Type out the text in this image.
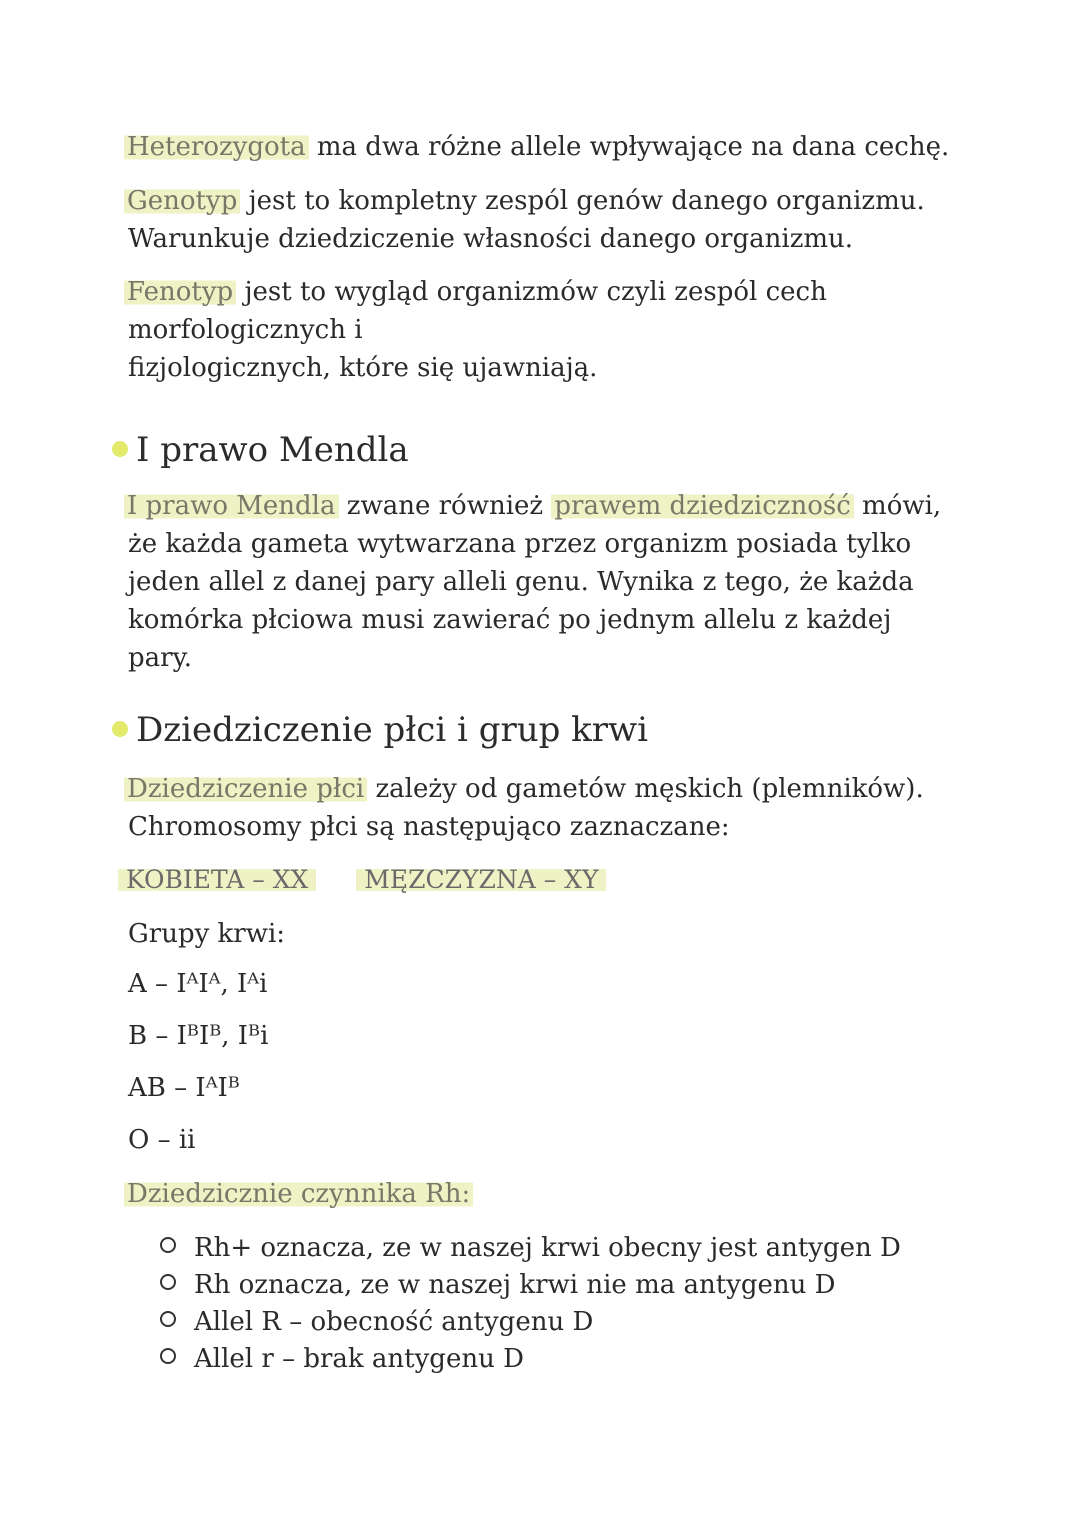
Heterozygota ma dwa różne allele wpływające na dana cechę.

Genotyp jest to kompletny zespól genów danego organizmu.
Warunkuje dziedziczenie własności danego organizmu.

Fenotyp jest to wygląd organizmów czyli zespól cech morfologicznych i
fizjologicznych, które się ujawniają.

I prawo Mendla

I prawo Mendla zwane również prawem dziedziczność mówi, że każda gameta wytwarzana przez organizm posiada tylko jeden allel z danej pary alleli genu. Wynika z tego, że każda komórka płciowa musi zawierać po jednym allelu z każdej pary.

Dziedziczenie płci i grup krwi

Dziedziczenie płci zależy od gametów męskich (plemników).
Chromosomy płci są następująco zaznaczane:

KOBIETA – XX MĘZCZYZNA – XY

Grupy krwi:

A – IᴬIᴬ, Iᴬi

B – IᴮIᴮ, Iᴮi

AB – IᴬIᴮ

O – ii

Dziedzicznie czynnika Rh:

Rh+ oznacza, ze w naszej krwi obecny jest antygen D
Rh oznacza, ze w naszej krwi nie ma antygenu D
Allel R – obecność antygenu D
Allel r – brak antygenu D
